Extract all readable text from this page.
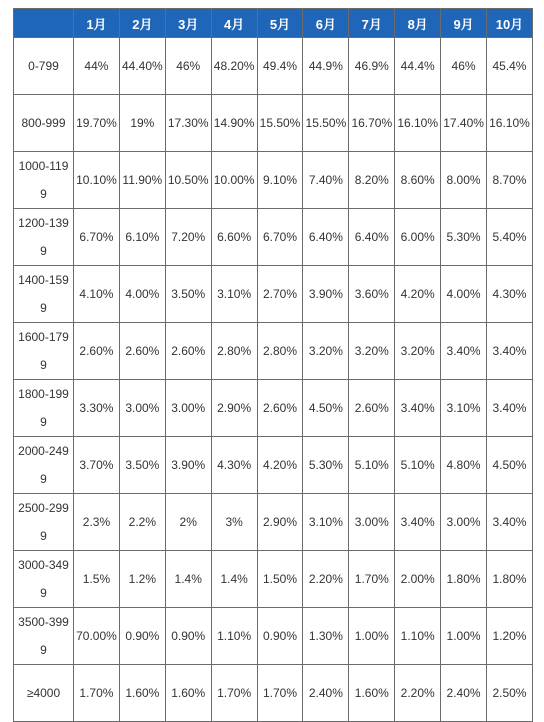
	1月	2月	3月	4月	5月	6月	7月	8月	9月	10月
0-799	44%	44.40%	46%	48.20%	49.4%	44.9%	46.9%	44.4%	46%	45.4%
800-999	19.70%	19%	17.30%	14.90%	15.50%	15.50%	16.70%	16.10%	17.40%	16.10%
1000-1199	10.10%	11.90%	10.50%	10.00%	9.10%	7.40%	8.20%	8.60%	8.00%	8.70%
1200-1399	6.70%	6.10%	7.20%	6.60%	6.70%	6.40%	6.40%	6.00%	5.30%	5.40%
1400-1599	4.10%	4.00%	3.50%	3.10%	2.70%	3.90%	3.60%	4.20%	4.00%	4.30%
1600-1799	2.60%	2.60%	2.60%	2.80%	2.80%	3.20%	3.20%	3.20%	3.40%	3.40%
1800-1999	3.30%	3.00%	3.00%	2.90%	2.60%	4.50%	2.60%	3.40%	3.10%	3.40%
2000-2499	3.70%	3.50%	3.90%	4.30%	4.20%	5.30%	5.10%	5.10%	4.80%	4.50%
2500-2999	2.3%	2.2%	2%	3%	2.90%	3.10%	3.00%	3.40%	3.00%	3.40%
3000-3499	1.5%	1.2%	1.4%	1.4%	1.50%	2.20%	1.70%	2.00%	1.80%	1.80%
3500-3999	70.00%	0.90%	0.90%	1.10%	0.90%	1.30%	1.00%	1.10%	1.00%	1.20%
≥4000	1.70%	1.60%	1.60%	1.70%	1.70%	2.40%	1.60%	2.20%	2.40%	2.50%
